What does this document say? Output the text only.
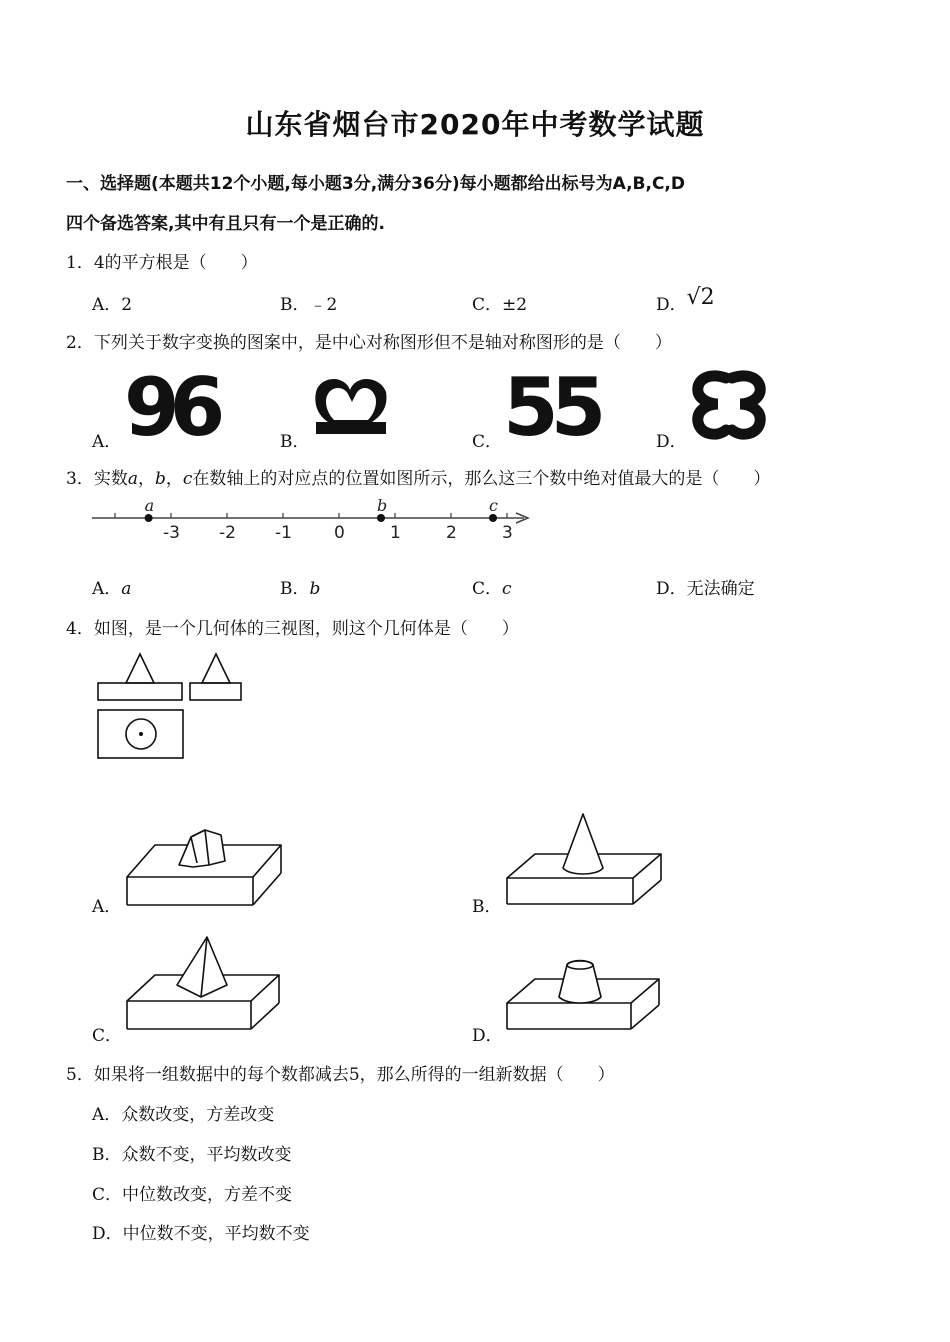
山东省烟台市2020年中考数学试题
一、选择题(本题共12个小题,每小题3分,满分36分)每小题都给出标号为A,B,C,D
四个备选答案,其中有且只有一个是正确的.
1．4的平方根是（　　）
A．2	B．﹣2	C．±2	D．√2
2．下列关于数字变换的图案中，是中心对称图形但不是轴对称图形的是（　　）
A． 96	B．	C． 55	D．
3．实数a，b，c在数轴上的对应点的位置如图所示，那么这三个数中绝对值最大的是（　　）
-3 -2 -1 0	1	2	3
a	b	c
A．a	B．b	C．c	D．无法确定
4．如图，是一个几何体的三视图，则这个几何体是（　　）
A．	B．
C．	D．
5．如果将一组数据中的每个数都减去5，那么所得的一组新数据（　　）
A．众数改变，方差改变
B．众数不变，平均数改变
C．中位数改变，方差不变
D．中位数不变，平均数不变
